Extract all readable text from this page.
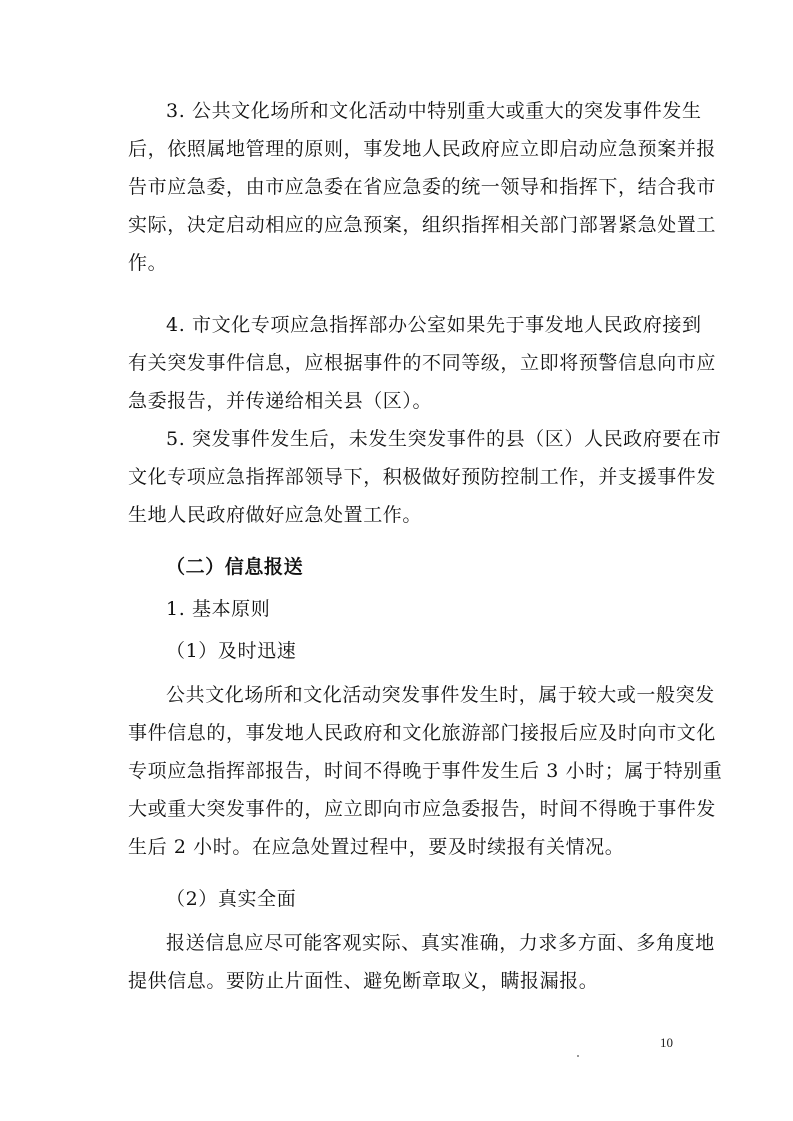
3. 公共文化场所和文化活动中特别重大或重大的突发事件发生
后，依照属地管理的原则，事发地人民政府应立即启动应急预案并报
告市应急委，由市应急委在省应急委的统一领导和指挥下，结合我市
实际，决定启动相应的应急预案，组织指挥相关部门部署紧急处置工
作。
4. 市文化专项应急指挥部办公室如果先于事发地人民政府接到
有关突发事件信息，应根据事件的不同等级，立即将预警信息向市应
急委报告，并传递给相关县（区）。
5. 突发事件发生后，未发生突发事件的县（区）人民政府要在市
文化专项应急指挥部领导下，积极做好预防控制工作，并支援事件发
生地人民政府做好应急处置工作。
（二）信息报送
1. 基本原则
（1）及时迅速
公共文化场所和文化活动突发事件发生时，属于较大或一般突发
事件信息的，事发地人民政府和文化旅游部门接报后应及时向市文化
专项应急指挥部报告，时间不得晚于事件发生后 3 小时；属于特别重
大或重大突发事件的，应立即向市应急委报告，时间不得晚于事件发
生后 2 小时。在应急处置过程中，要及时续报有关情况。
（2）真实全面
报送信息应尽可能客观实际、真实准确，力求多方面、多角度地
提供信息。要防止片面性、避免断章取义，瞒报漏报。
10
